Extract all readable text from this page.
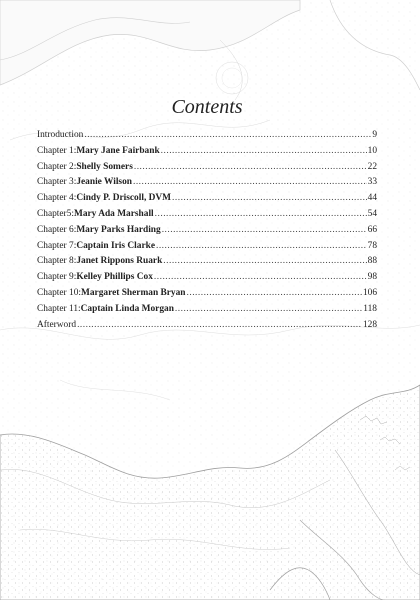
Contents
Introduction .....	9
Chapter 1: Mary Jane Fairbank .....	10
Chapter 2: Shelly Somers .....	22
Chapter 3: Jeanie Wilson .....	33
Chapter 4: Cindy P. Driscoll, DVM .....	44
Chapter5: Mary Ada Marshall .....	54
Chapter 6: Mary Parks Harding .....	66
Chapter 7: Captain Iris Clarke .....	78
Chapter 8: Janet Rippons Ruark .....	88
Chapter 9: Kelley Phillips Cox .....	98
Chapter 10: Margaret Sherman Bryan .....	106
Chapter 11: Captain Linda Morgan .....	118
Afterword .....	128
